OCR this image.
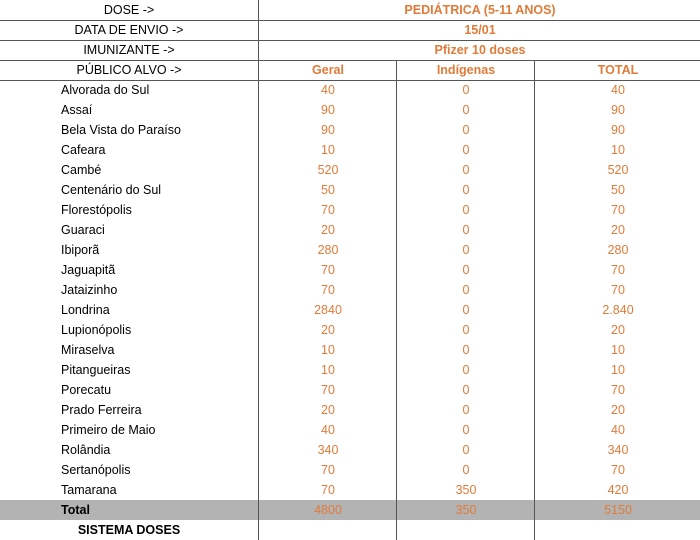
DOSE ->	PEDIÁTRICA (5-11 ANOS)
DATA DE ENVIO ->	15/01
IMUNIZANTE ->	Pfizer 10 doses
PÚBLICO ALVO ->	Geral	Indígenas	TOTAL
Alvorada do Sul	40	0	40
Assaí	90	0	90
Bela Vista do Paraíso	90	0	90
Cafeara	10	0	10
Cambé	520	0	520
Centenário do Sul	50	0	50
Florestópolis	70	0	70
Guaraci	20	0	20
Ibiporã	280	0	280
Jaguapitã	70	0	70
Jataizinho	70	0	70
Londrina	2840	0	2.840
Lupionópolis	20	0	20
Miraselva	10	0	10
Pitangueiras	10	0	10
Porecatu	70	0	70
Prado Ferreira	20	0	20
Primeiro de Maio	40	0	40
Rolândia	340	0	340
Sertanópolis	70	0	70
Tamarana	70	350	420
Total	4800	350	5150
SISTEMA DOSES
